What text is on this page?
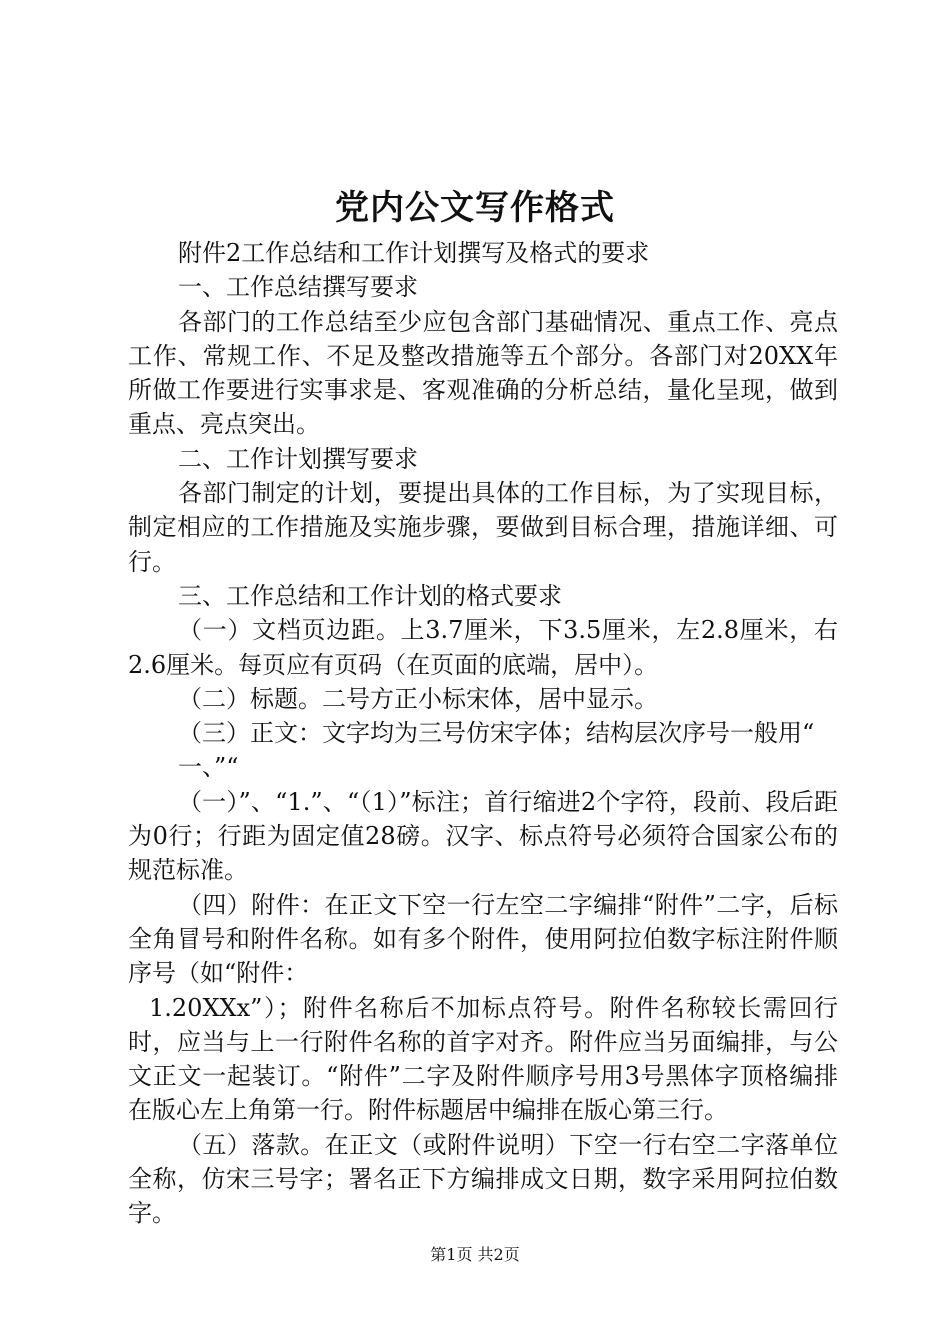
党内公文写作格式

附件2工作总结和工作计划撰写及格式的要求

一、工作总结撰写要求

各部门的工作总结至少应包含部门基础情况、重点工作、亮点工作、常规工作、不足及整改措施等五个部分。各部门对20XX年所做工作要进行实事求是、客观准确的分析总结，量化呈现，做到重点、亮点突出。

二、工作计划撰写要求

各部门制定的计划，要提出具体的工作目标，为了实现目标，制定相应的工作措施及实施步骤，要做到目标合理，措施详细、可行。

三、工作总结和工作计划的格式要求

（一）文档页边距。上3.7厘米，下3.5厘米，左2.8厘米，右2.6厘米。每页应有页码（在页面的底端，居中）。

（二）标题。二号方正小标宋体，居中显示。

（三）正文：文字均为三号仿宋字体；结构层次序号一般用“

一、”“

（一）”、“1.”、“（1）”标注；首行缩进2个字符，段前、段后距为0行；行距为固定值28磅。汉字、标点符号必须符合国家公布的规范标准。

（四）附件：在正文下空一行左空二字编排“附件”二字，后标全角冒号和附件名称。如有多个附件，使用阿拉伯数字标注附件顺序号（如“附件：

1.20XXx”）；附件名称后不加标点符号。附件名称较长需回行时，应当与上一行附件名称的首字对齐。附件应当另面编排，与公文正文一起装订。“附件”二字及附件顺序号用3号黑体字顶格编排在版心左上角第一行。附件标题居中编排在版心第三行。

（五）落款。在正文（或附件说明）下空一行右空二字落单位全称，仿宋三号字；署名正下方编排成文日期，数字采用阿拉伯数字。

第1页 共2页
